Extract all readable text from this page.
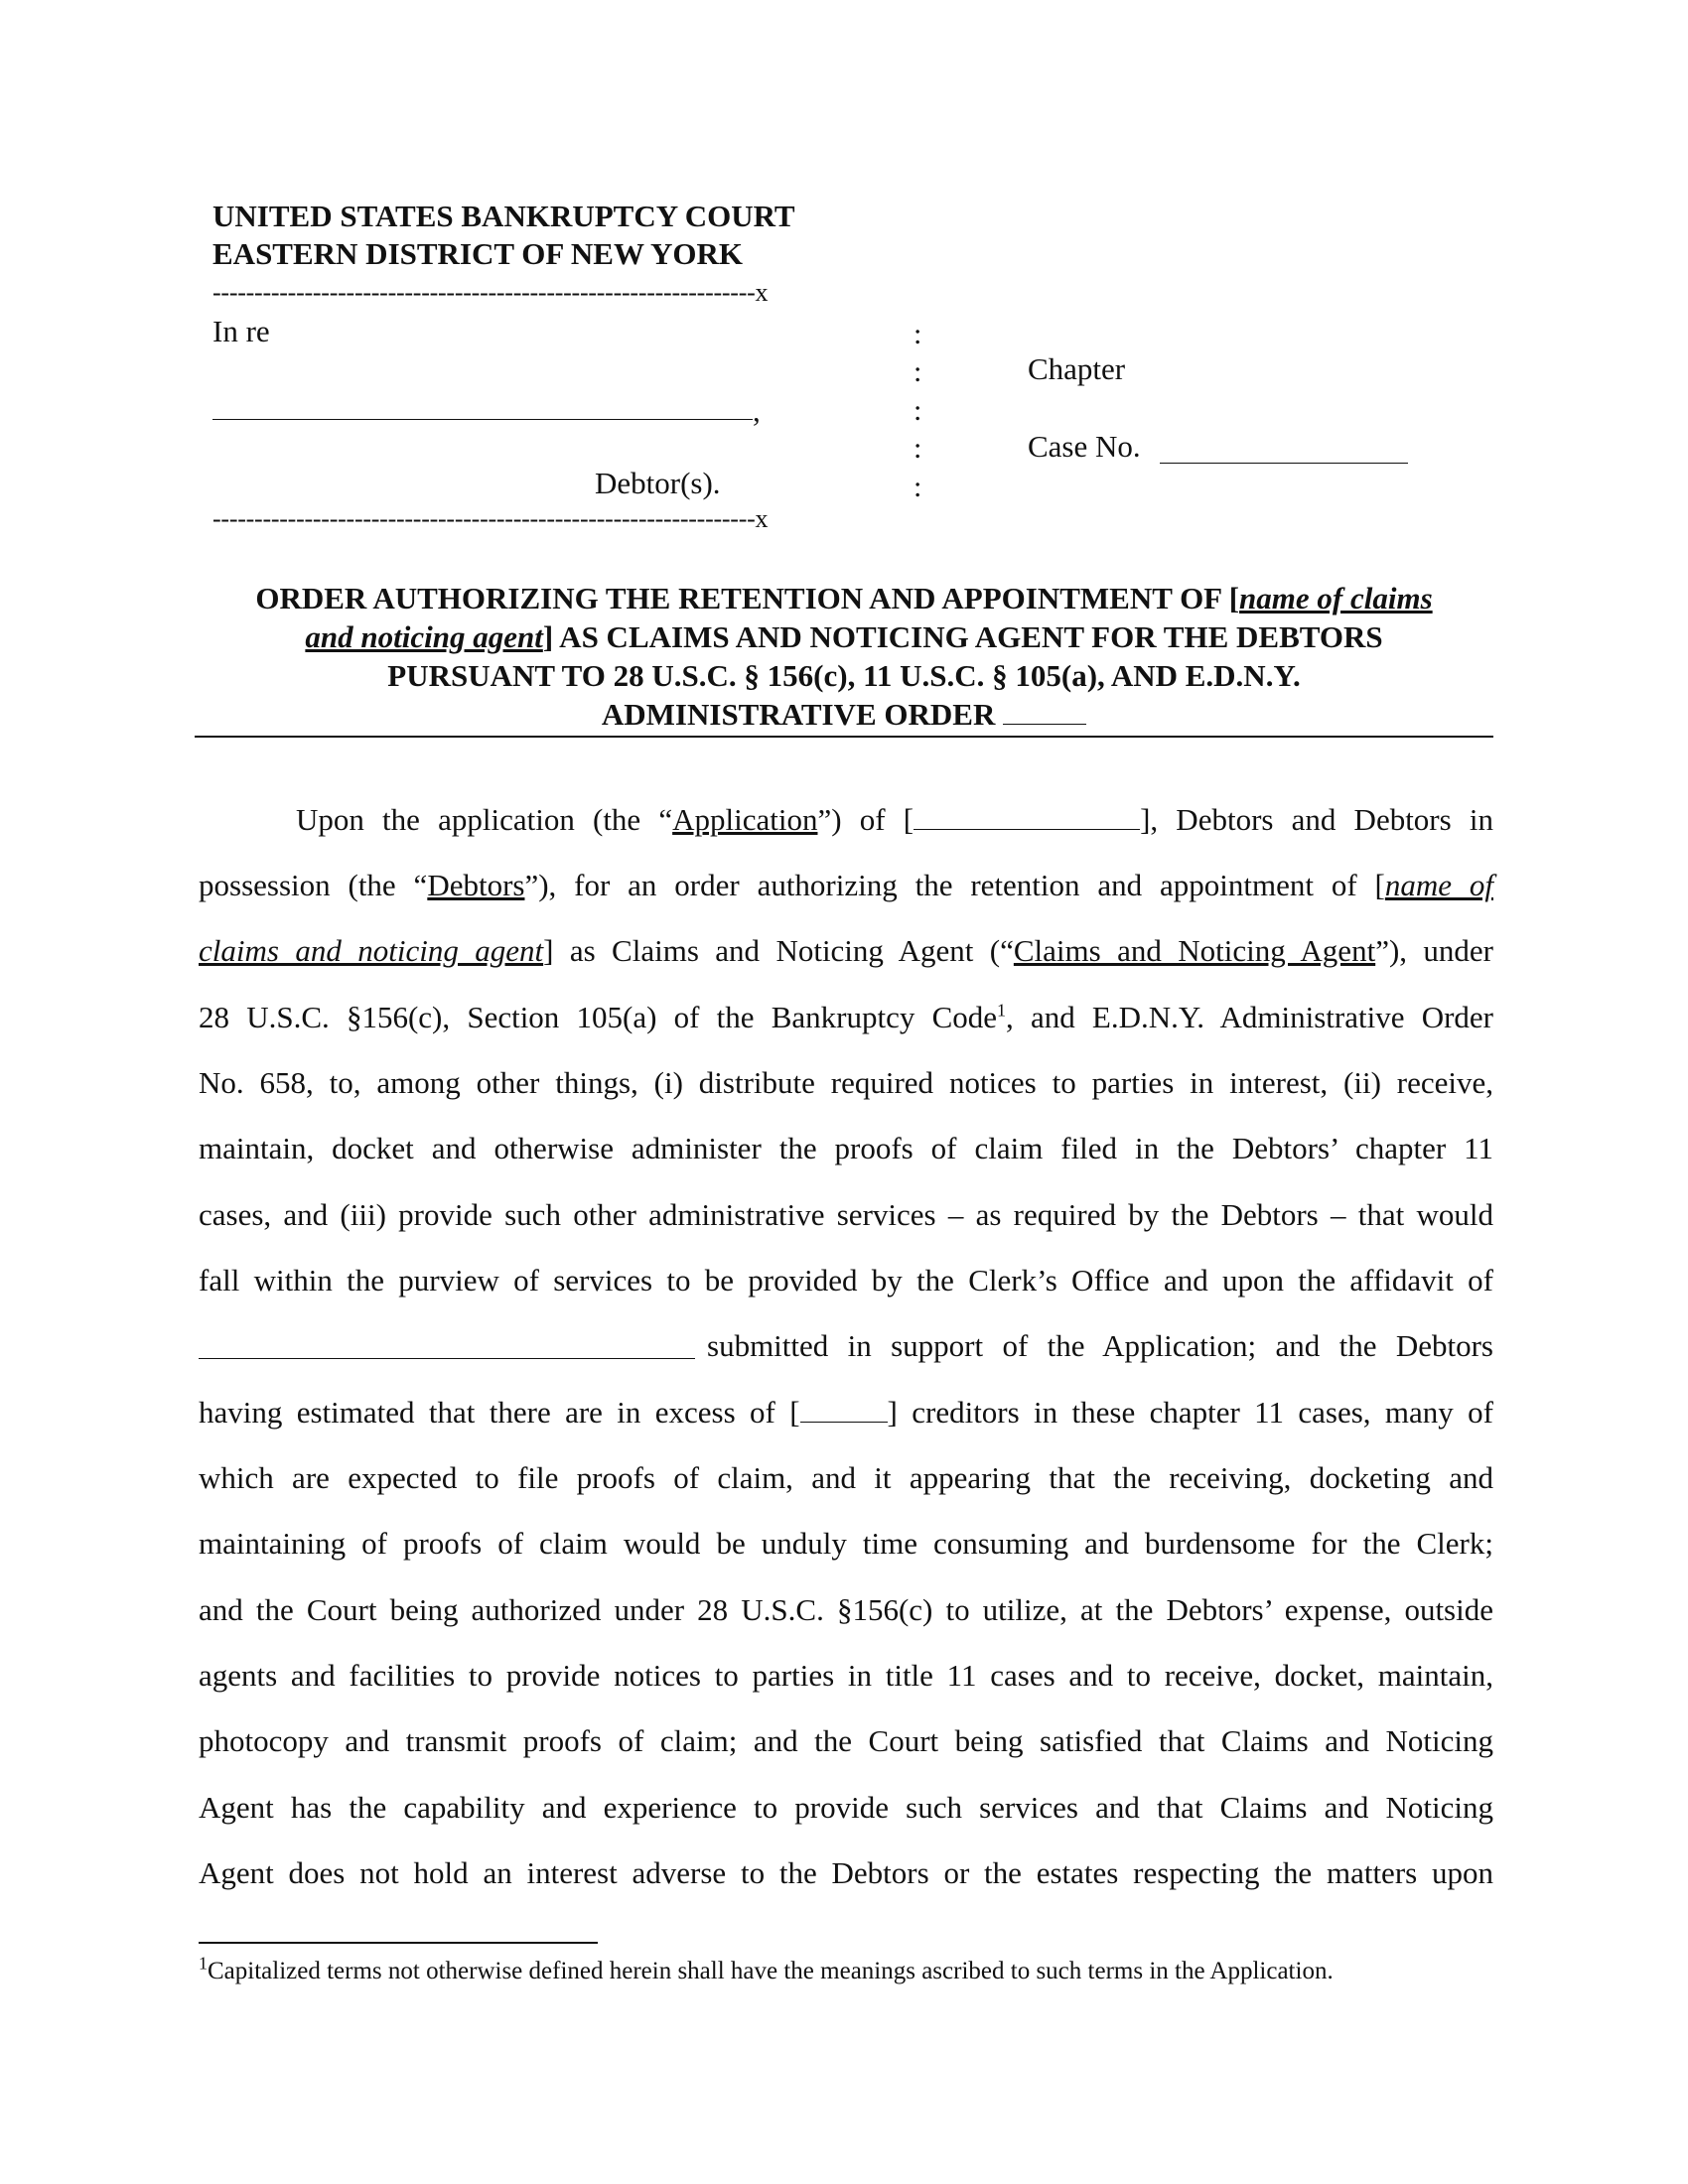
UNITED STATES BANKRUPTCY COURT
EASTERN DISTRICT OF NEW YORK
-----------------------------------------------------------------x
In re
,
Debtor(s).
-----------------------------------------------------------------x
:
:
:
:
:
Chapter
Case No.
ORDER AUTHORIZING THE RETENTION AND APPOINTMENT OF [name of claims
and noticing agent] AS CLAIMS AND NOTICING AGENT FOR THE DEBTORS
PURSUANT TO 28 U.S.C. § 156(c), 11 U.S.C. § 105(a), AND E.D.N.Y.
ADMINISTRATIVE ORDER
Upon the application (the “Application”) of [	], Debtors and Debtors in
possession (the “Debtors”), for an order authorizing the retention and appointment of [name of
claims and noticing agent] as Claims and Noticing Agent (“Claims and Noticing Agent”), under
28 U.S.C. §156(c), Section 105(a) of the Bankruptcy Code$^1$, and E.D.N.Y. Administrative Order
No. 658, to, among other things, (i) distribute required notices to parties in interest, (ii) receive,
maintain, docket and otherwise administer the proofs of claim filed in the Debtors’ chapter 11
cases, and (iii) provide such other administrative services – as required by the Debtors – that would
fall within the purview of services to be provided by the Clerk’s Office and upon the affidavit of
submitted in support of the Application; and the Debtors
having estimated that there are in excess of [	] creditors in these chapter 11 cases, many of
which are expected to file proofs of claim, and it appearing that the receiving, docketing and
maintaining of proofs of claim would be unduly time consuming and burdensome for the Clerk;
and the Court being authorized under 28 U.S.C. §156(c) to utilize, at the Debtors’ expense, outside
agents and facilities to provide notices to parties in title 11 cases and to receive, docket, maintain,
photocopy and transmit proofs of claim; and the Court being satisfied that Claims and Noticing
Agent has the capability and experience to provide such services and that Claims and Noticing
Agent does not hold an interest adverse to the Debtors or the estates respecting the matters upon
$^1$Capitalized terms not otherwise defined herein shall have the meanings ascribed to such terms in the Application.
